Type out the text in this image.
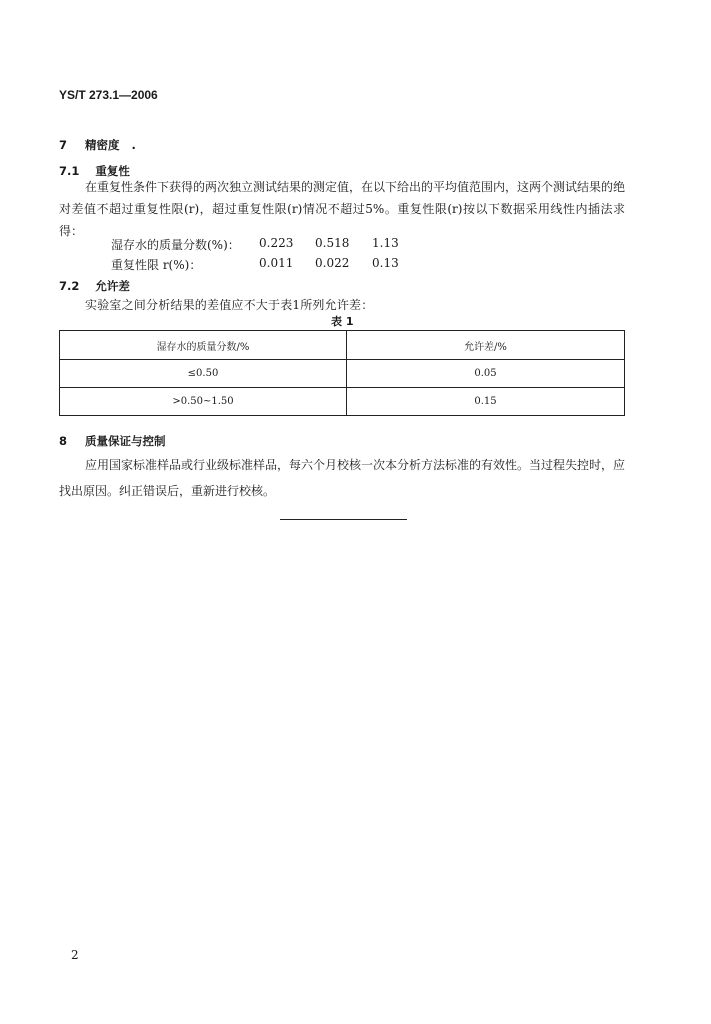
YS/T 273.1—2006
7 精密度 .
7.1 重复性
在重复性条件下获得的两次独立测试结果的测定值，在以下给出的平均值范围内，这两个测试结果的绝对差值不超过重复性限(r)，超过重复性限(r)情况不超过5%。重复性限(r)按以下数据采用线性内插法求得：
湿存水的质量分数(%)： 0.223 0.518 1.13
重复性限 r(%)：	0.011 0.022 0.13
7.2 允许差
实验室之间分析结果的差值应不大于表1所列允许差：
表 1
湿存水的质量分数/%	允许差/%
≤0.50	0.05
>0.50~1.50	0.15
8 质量保证与控制
应用国家标准样品或行业级标准样品，每六个月校核一次本分析方法标准的有效性。当过程失控时，应找出原因。纠正错误后，重新进行校核。
2
